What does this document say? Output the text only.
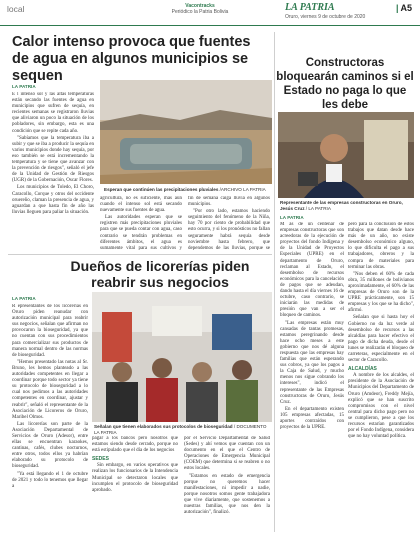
local	Vacontracks
Periódico la Patria Bolivia	LA PATRIA
Oruro, viernes 9 de octubre de 2020
| A5
Calor intenso provoca que fuentes de agua en algunos municipios se sequen
Esperan que continúen las precipitaciones pluviales /ARCHIVO LA PATRIA
LA PATRIA

E l intenso sol y las altas temperaturas están secando las fuentes de agua en municipios que sufren de sequía, en recientes semanas se registraron lluvias que aliviaron un poco la situación de los pobladores, sin embargo, esta es una condición que se repite cada año.

"Sabíamos que la temperatura iba a subir y que se iba a producir la sequía en varios municipios donde hay sequía, por eso también se está incrementando la temperatura y se tiene que avanzar con la prevención de riesgos", señaló el jefe de la Unidad de Gestión de Riesgos (UGR) de la Gobernación, Oscar Flores.

Los municipios de Toledo, El Choro, Caracollo, Corque y otros del occidente oruereño, claman la presencia de agua, y aguardan a que hasta fin de año las lluvias lleguen para paliar la situación.

agricultura, no es suficiente, más aún cuando el intenso sol está secando nuevamente sus fuentes de agua.

Las autoridades esperan que se registren más precipitaciones pluviales para que se pueda contar con agua, caso contrario se tendrán problemas en diferentes ámbitos, el agua es sumamente vital para sus cultivos y

fin de semana caiga lluvia en algunos municipios.

"Por otro lado, estamos haciendo seguimiento del fenómeno de la Niña, hay 70 por ciento de probabilidad que esto ocurra, y si los pronósticos no fallan seguramente habrá sequía desde noviembre hasta febrero, que dependemos de las lluvias, porque se

Constructoras bloquearán caminos si el Estado no paga lo que les debe
Representante de las empresas constructoras en Oruro, Jesús Cruz / LA PATRIA
LA PATRIA

M ás de un centenar de empresas constructoras que son acreedoras de la ejecución de proyectos del fondo Indígena y de la Unidad de Proyectos Especiales (UPRE) en el departamento de Oruro, reclaman al Estado, el desembolso de recursos económicos para la cancelación de pagos que se adeudan, dando hasta el día viernes 16 de octubre, caso contrario, se iniciarán las medidas de presión que van a ser el bloqueo de caminos.

"Las empresas están muy cansadas de tantas promesas, estamos peregrinando desde hace ocho meses a este gobierno que nos dé alguna respuesta que las empresas hay familias que están esperando sus cobros, ya que los pagos a la Caja de Salud, y mucho menos nos sigue cobrando los intereses", indicó el representante de las Empresas constructoras de Oruro, Jesús Cruz.

En el departamento existen 105 empresas afectadas, 15 aportes contraídos con proyectos de la UPRE.

pero para la conclusión de estos trabajos que datan desde hace más de un año, no existe desembolso económico alguno, lo que dificulta el pago a sus trabajadores, obreros y la compra de materiales para terminar las obras.

"Nos deben el 60% de cada obra, 35 millones de bolivianos aproximadamente, el 60% de las empresas de Oruro son de la UPRE prácticamente, son 15 empresas y los que se ha dicho", afirmó.

Señalan que si hasta hoy el Gobierno no da luz verde al desembolso de recursos a las alcaldías para hacer efectivo el pago de dicha deuda, desde el lunes se realizarán el bloqueo de carreteras, especialmente en el sector de Caracollo.

ALCALDÍAS

A nombre de los alcaldes, el presidente de la Asociación de Municipios del Departamento de Oruro (Amdeor), Freddy Mejía, explicó que se han suscrito compromisos con el nivel central para dicho pago pero no se cumplieron, pese a que los recursos estarían garantizados por el Fondo Indígena, considera que no hay voluntad política.

Dueños de licorerías piden reabrir sus negocios
Señalan que tienen elaborados sus protocolos de bioseguridad / DOCUMENTO LA PATRIA
LA PATRIA

R epresentantes de los licorerías en Oruro piden reanudar con autorización municipal para reabrir sus negocios, señalan que afirman no provocaron la bioseguridad, ya que no cuentan con sus procedimientos para comercializar sus productos de manera normal dentro de las normas de bioseguridad.

"Hemos presentado las notas al Sr. Bruno, les hemos planteado a las autoridades competentes en llegar a coordinar porque todo sector ya tiene su protocolo de bioseguridad a lo cual nos pedimos a las autoridades competentes en coordinar, ajustar y reabrir", señaló el representante de la Asociación de Licoreros de Oruro, Maribel Olmos.

Las licorerías son parte de la Asociación Departamental de Servicios de Oruro (Adesor), entre ellas se encuentran karaokes, cantinas, cafés, clubes nocturnos, entre otros, todos ellos ya habrían elaborado su protocolo de bioseguridad.

"Ya está llegando el 1 de octubre de 2021 y todo lo tenemos que llegar a

pagar a los bancos pero nosotros que estamos siendo desde cerrado, porque no está estipulado que el día de los negocios

SEDES

Sin embargo, en varios operativos que realizan los funcionarios de la Intendencia Municipal se detectaron locales que incumplen el protocolo de bioseguridad aprobado.

por el Servicio Departamental de Salud (Sedes) y ahí vemos que cuentan con un documento en el que el Centro de Operaciones de Emergencia Municipal (COEM) que determina si se reabren o no estos locales.

"Estamos en estado de emergencia porque no queremos hacer manifestaciones, ni impedir a nadie, porque nosotros somos gente trabajadora que vive diariamente, que sostenemos a nuestras familias, que nos den la autorización", finalizó.
